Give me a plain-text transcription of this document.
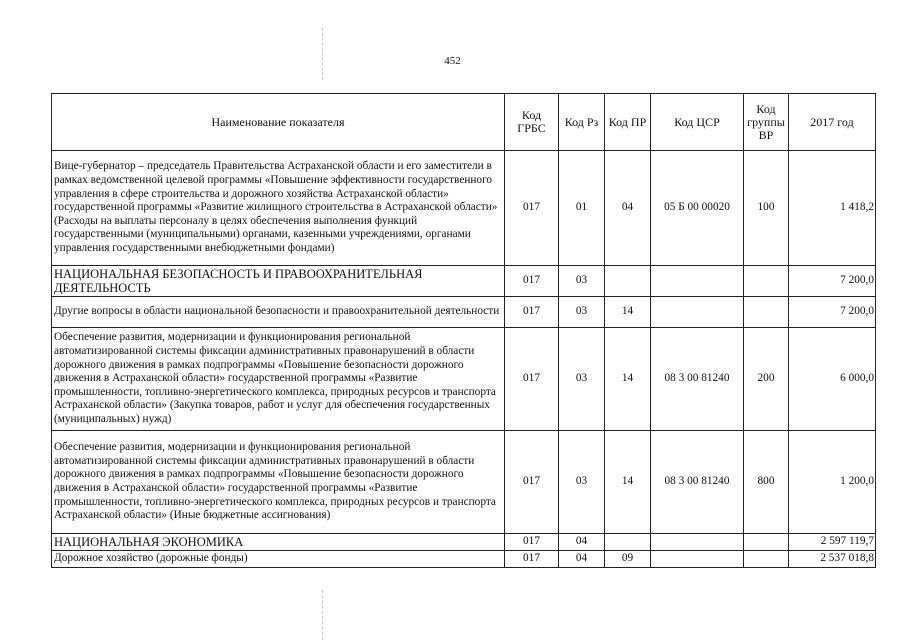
452
Наименование показателя	Код ГРБС	Код Рз	Код ПР	Код ЦСР	Код группы ВР	2017 год
Вице-губернатор – председатель Правительства Астраханской области и его заместители в рамках ведомственной целевой программы «Повышение эффективности государственного управления в сфере строительства и дорожного хозяйства Астраханской области» государственной программы «Развитие жилищного строительства в Астраханской области» (Расходы на выплаты персоналу в целях обеспечения выполнения функций государственными (муниципальными) органами, казенными учреждениями, органами управления государственными внебюджетными фондами)	017	01	04	05 Б 00 00020	100	1 418,2
НАЦИОНАЛЬНАЯ БЕЗОПАСНОСТЬ И ПРАВООХРАНИТЕЛЬНАЯ ДЕЯТЕЛЬНОСТЬ	017	03				7 200,0
Другие вопросы в области национальной безопасности и правоохранительной деятельности	017	03	14			7 200,0
Обеспечение развития, модернизации и функционирования региональной автоматизированной системы фиксации административных правонарушений в области дорожного движения в рамках подпрограммы «Повышение безопасности дорожного движения в Астраханской области» государственной программы «Развитие промышленности, топливно-энергетического комплекса, природных ресурсов и транспорта Астраханской области» (Закупка товаров, работ и услуг для обеспечения государственных (муниципальных) нужд)	017	03	14	08 3 00 81240	200	6 000,0
Обеспечение развития, модернизации и функционирования региональной автоматизированной системы фиксации административных правонарушений в области дорожного движения в рамках подпрограммы «Повышение безопасности дорожного движения в Астраханской области» государственной программы «Развитие промышленности, топливно-энергетического комплекса, природных ресурсов и транспорта Астраханской области» (Иные бюджетные ассигнования)	017	03	14	08 3 00 81240	800	1 200,0
НАЦИОНАЛЬНАЯ ЭКОНОМИКА	017	04				2 597 119,7
Дорожное хозяйство (дорожные фонды)	017	04	09			2 537 018,8
